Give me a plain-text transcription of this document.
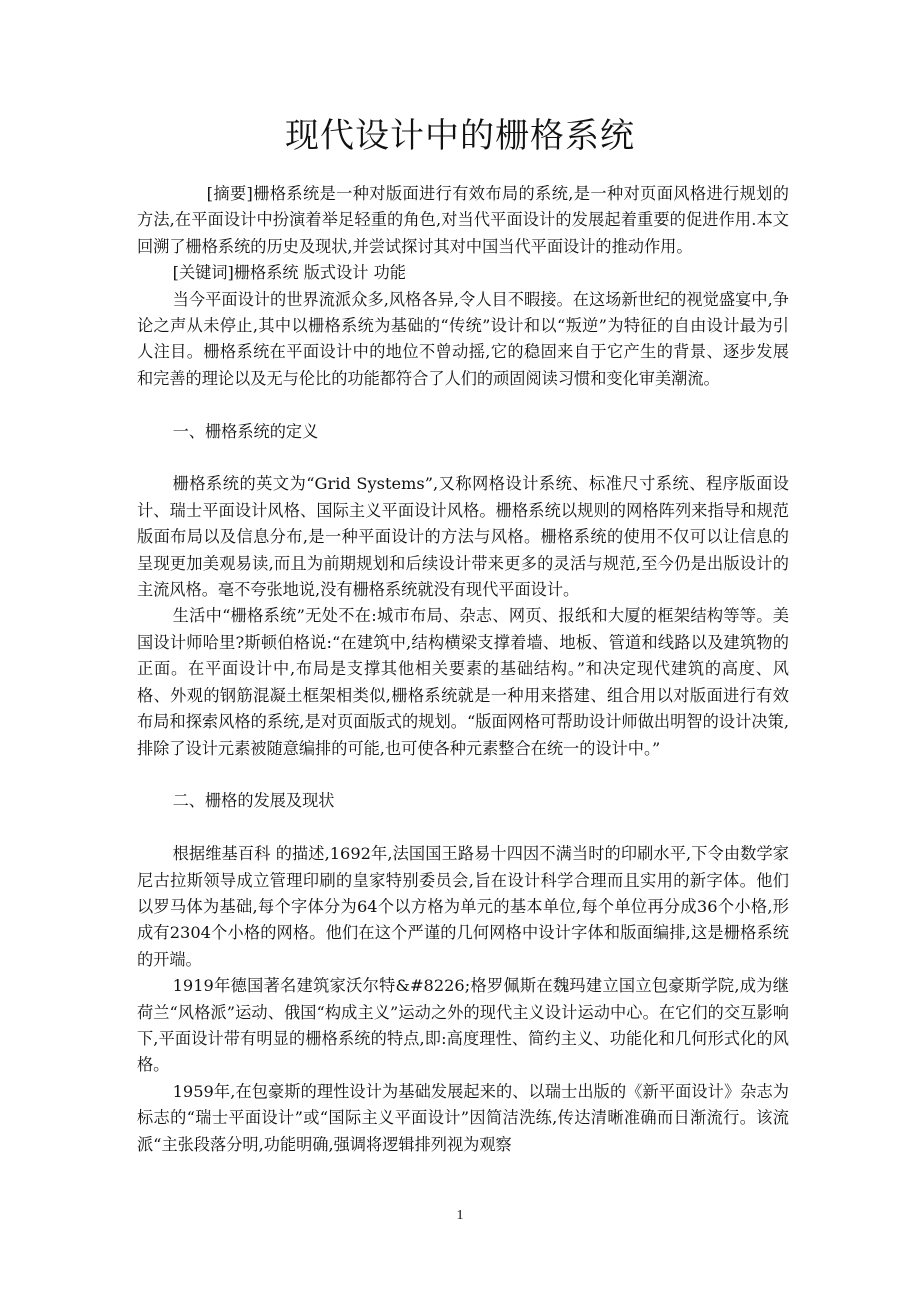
现代设计中的栅格系统

[摘要]栅格系统是一种对版面进行有效布局的系统,是一种对页面风格进行规划的方法,在平面设计中扮演着举足轻重的角色,对当代平面设计的发展起着重要的促进作用.本文回溯了栅格系统的历史及现状,并尝试探讨其对中国当代平面设计的推动作用。

[关键词]栅格系统 版式设计 功能

当今平面设计的世界流派众多,风格各异,令人目不暇接。在这场新世纪的视觉盛宴中,争论之声从未停止,其中以栅格系统为基础的“传统”设计和以“叛逆”为特征的自由设计最为引人注目。栅格系统在平面设计中的地位不曾动摇,它的稳固来自于它产生的背景、逐步发展和完善的理论以及无与伦比的功能都符合了人们的顽固阅读习惯和变化审美潮流。

一、栅格系统的定义

栅格系统的英文为“Grid Systems”,又称网格设计系统、标准尺寸系统、程序版面设计、瑞士平面设计风格、国际主义平面设计风格。栅格系统以规则的网格阵列来指导和规范版面布局以及信息分布,是一种平面设计的方法与风格。栅格系统的使用不仅可以让信息的呈现更加美观易读,而且为前期规划和后续设计带来更多的灵活与规范,至今仍是出版设计的主流风格。毫不夸张地说,没有栅格系统就没有现代平面设计。

生活中“栅格系统”无处不在:城市布局、杂志、网页、报纸和大厦的框架结构等等。美国设计师哈里?斯顿伯格说:“在建筑中,结构横梁支撑着墙、地板、管道和线路以及建筑物的正面。在平面设计中,布局是支撑其他相关要素的基础结构。”和决定现代建筑的高度、风格、外观的钢筋混凝土框架相类似,栅格系统就是一种用来搭建、组合用以对版面进行有效布局和探索风格的系统,是对页面版式的规划。“版面网格可帮助设计师做出明智的设计决策,排除了设计元素被随意编排的可能,也可使各种元素整合在统一的设计中。”

二、栅格的发展及现状

根据维基百科 的描述,1692年,法国国王路易十四因不满当时的印刷水平,下令由数学家尼古拉斯领导成立管理印刷的皇家特别委员会,旨在设计科学合理而且实用的新字体。他们以罗马体为基础,每个字体分为64个以方格为单元的基本单位,每个单位再分成36个小格,形成有2304个小格的网格。他们在这个严谨的几何网格中设计字体和版面编排,这是栅格系统的开端。

1919年德国著名建筑家沃尔特&#8226;格罗佩斯在魏玛建立国立包豪斯学院,成为继荷兰“风格派”运动、俄国“构成主义”运动之外的现代主义设计运动中心。在它们的交互影响下,平面设计带有明显的栅格系统的特点,即:高度理性、简约主义、功能化和几何形式化的风格。

1959年,在包豪斯的理性设计为基础发展起来的、以瑞士出版的《新平面设计》杂志为标志的“瑞士平面设计”或“国际主义平面设计”因简洁洗练,传达清晰准确而日渐流行。该流派“主张段落分明,功能明确,强调将逻辑排列视为观察

1
